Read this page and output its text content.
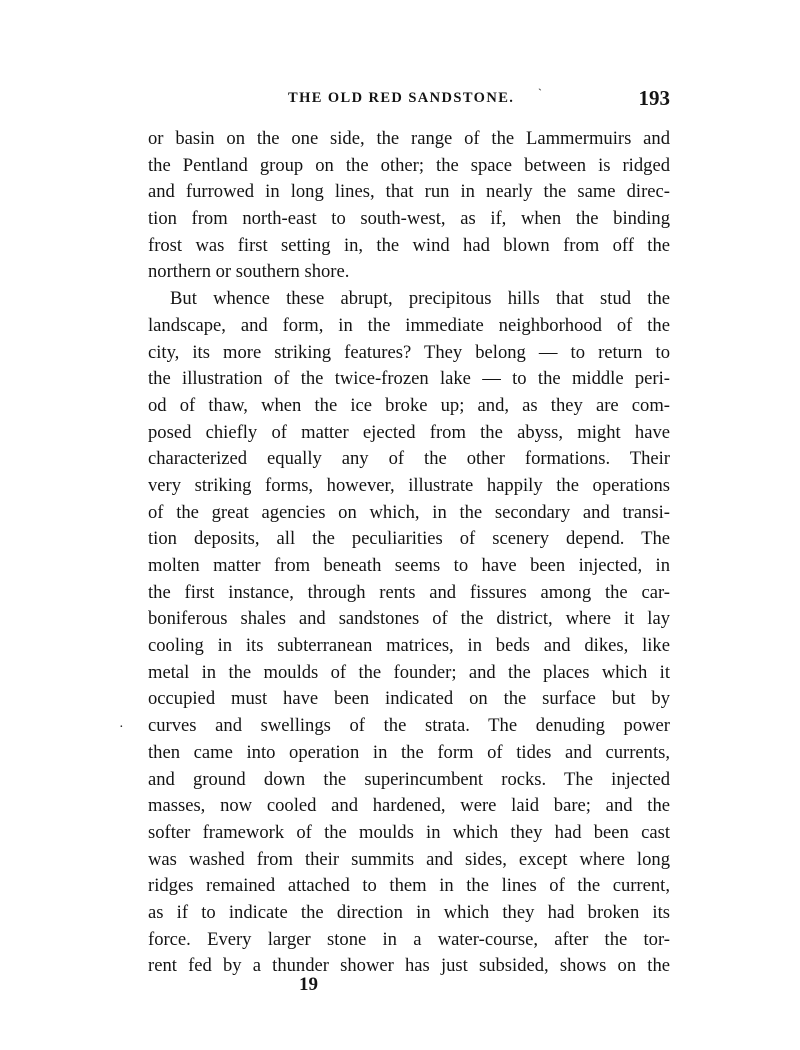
THE OLD RED SANDSTONE. `	193
or basin on the one side, the range of the Lammermuirs and
the Pentland group on the other; the space between is ridged
and furrowed in long lines, that run in nearly the same direc-
tion from north-east to south-west, as if, when the binding
frost was first setting in, the wind had blown from off the
northern or southern shore.
But whence these abrupt, precipitous hills that stud the
landscape, and form, in the immediate neighborhood of the
city, its more striking features? They belong — to return to
the illustration of the twice-frozen lake — to the middle peri-
od of thaw, when the ice broke up; and, as they are com-
posed chiefly of matter ejected from the abyss, might have
characterized equally any of the other formations. Their
very striking forms, however, illustrate happily the operations
of the great agencies on which, in the secondary and transi-
tion deposits, all the peculiarities of scenery depend. The
molten matter from beneath seems to have been injected, in
the first instance, through rents and fissures among the car-
boniferous shales and sandstones of the district, where it lay
cooling in its subterranean matrices, in beds and dikes, like
metal in the moulds of the founder; and the places which it
occupied must have been indicated on the surface but by
curves and swellings of the strata. The denuding power
then came into operation in the form of tides and currents,
and ground down the superincumbent rocks. The injected
masses, now cooled and hardened, were laid bare; and the
softer framework of the moulds in which they had been cast
was washed from their summits and sides, except where long
ridges remained attached to them in the lines of the current,
as if to indicate the direction in which they had broken its
force. Every larger stone in a water-course, after the tor-
rent fed by a thunder shower has just subsided, shows on the
·
19
